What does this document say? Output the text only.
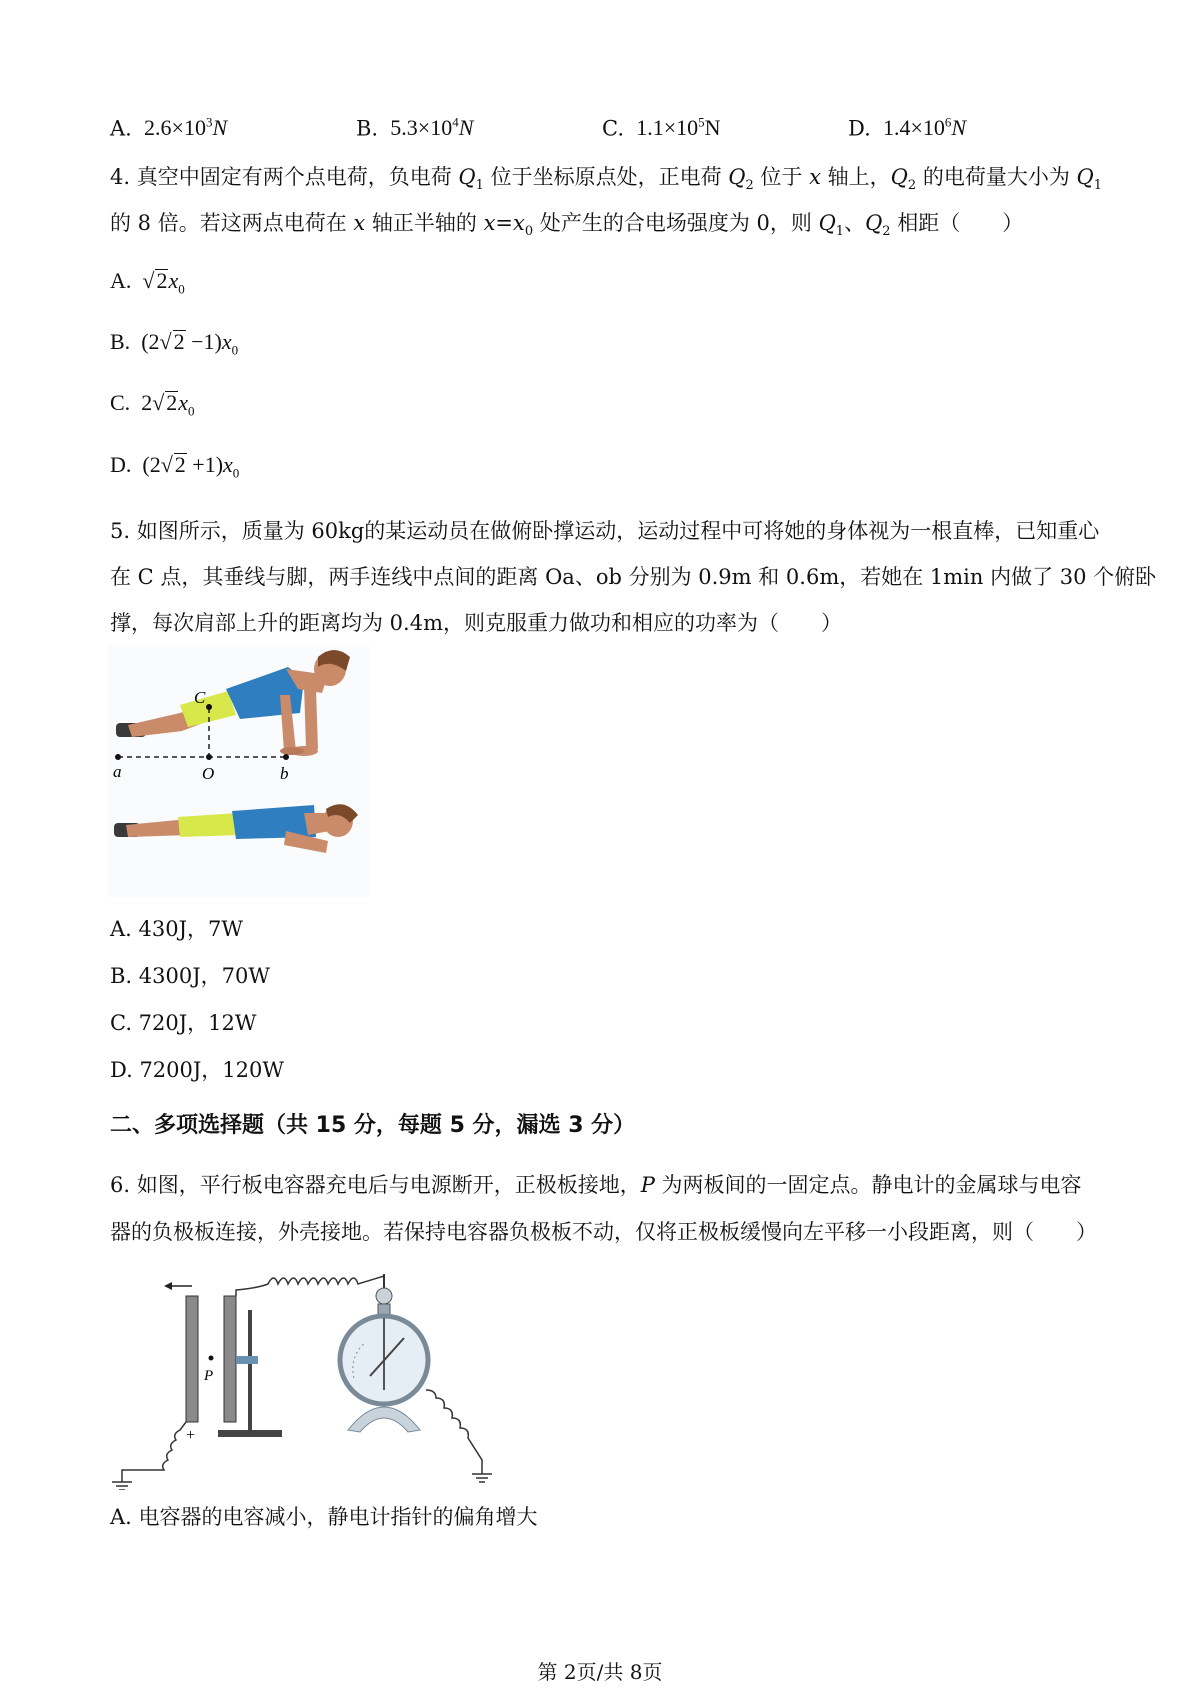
A. $2.6\times 10^3N$	B. $5.3\times 10^4N$	C. $1.1\times 10^5N$	D. $1.4\times 10^6N$
4. 真空中固定有两个点电荷，负电荷 $Q_1$ 位于坐标原点处，正电荷 $Q_2$ 位于 x 轴上，$Q_2$ 的电荷量大小为 $Q_1$
的 8 倍。若这两点电荷在 x 轴正半轴的 $x=x_0$ 处产生的合电场强度为 0，则 $Q_1$、$Q_2$ 相距（　　）
A. $√2x_0$
B. $(2√2 -1)x_0$
C. $2√2x_0$
D. $(2√2 +1)x_0$
5. 如图所示，质量为 60kg的某运动员在做俯卧撑运动，运动过程中可将她的身体视为一根直棒，已知重心
在 C 点，其垂线与脚，两手连线中点间的距离 Oa、ob 分别为 0.9m 和 0.6m，若她在 1min 内做了 30 个俯卧
撑，每次肩部上升的距离均为 0.4m，则克服重力做功和相应的功率为（　　）
C
a	O	b
A. 430J，7W
B. 4300J，70W
C. 720J，12W
D. 7200J，120W
二、多项选择题（共 15 分，每题 5 分，漏选 3 分）
6. 如图，平行板电容器充电后与电源断开，正极板接地，P 为两板间的一固定点。静电计的金属球与电容
器的负极板连接，外壳接地。若保持电容器负极板不动，仅将正极板缓慢向左平移一小段距离，则（　　）
P
+
A. 电容器的电容减小，静电计指针的偏角增大
第 2页/共 8页
